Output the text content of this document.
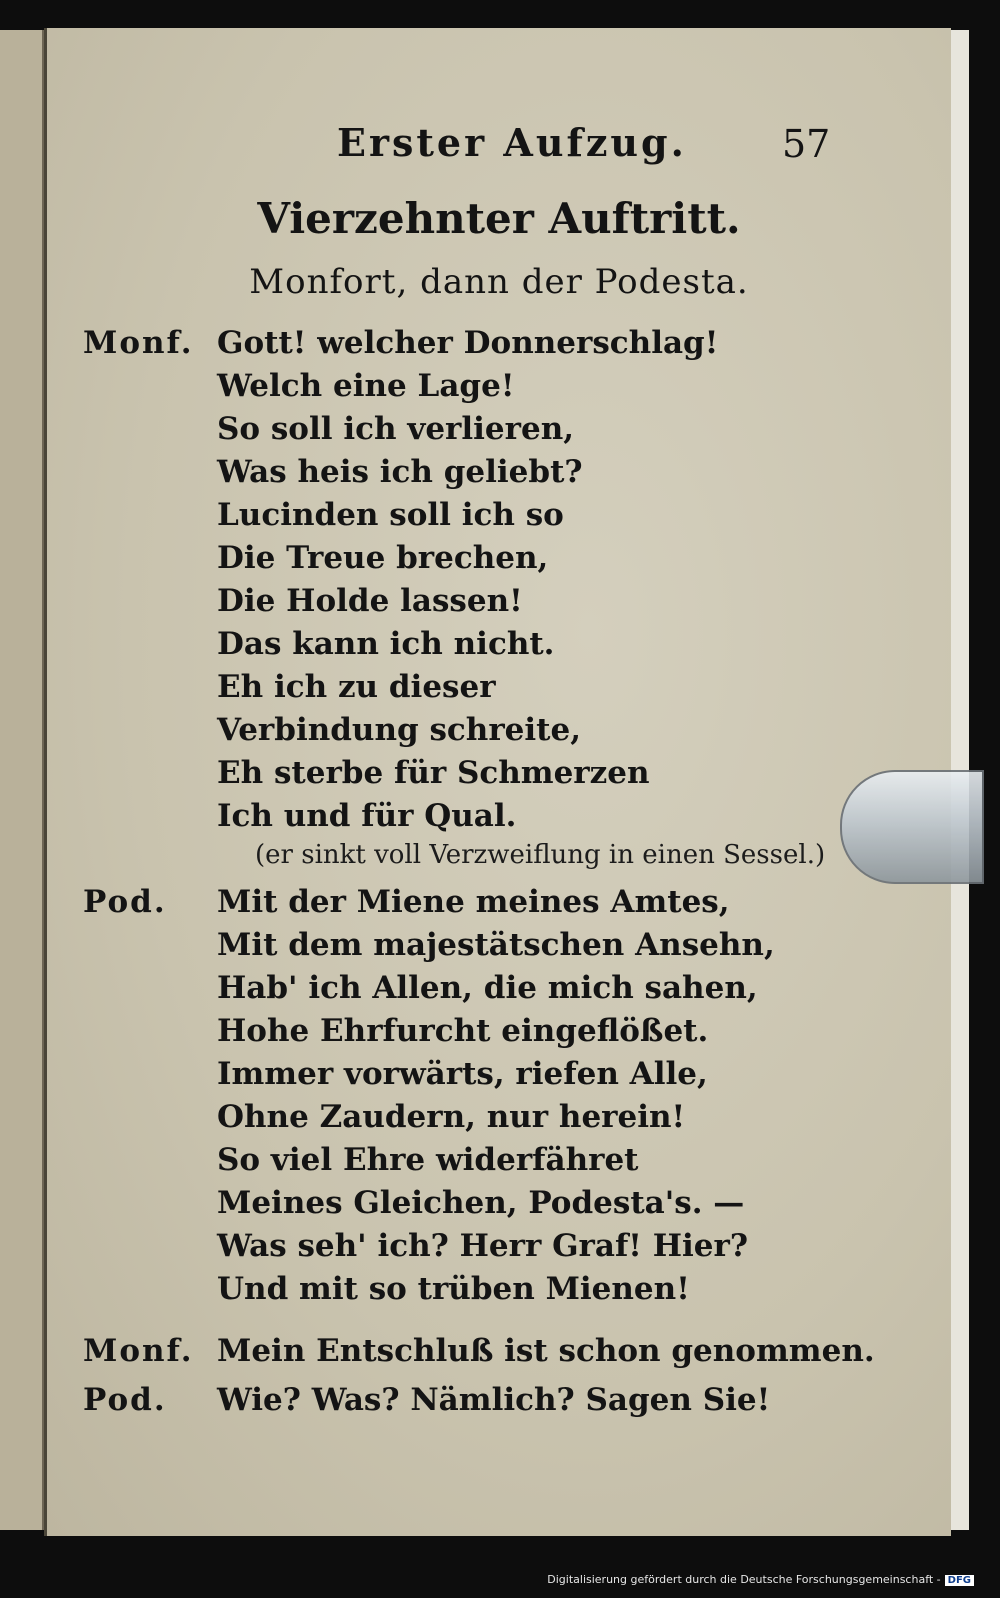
Erster Aufzug.	57
Vierzehnter Auftritt.
Monfort, dann der Podesta.
Monf. Gott! welcher Donnerschlag!
Welch eine Lage!
So soll ich verlieren,
Was heis ich geliebt?
Lucinden soll ich so
Die Treue brechen,
Die Holde lassen!
Das kann ich nicht.
Eh ich zu dieser
Verbindung schreite,
Eh sterbe für Schmerzen
Ich und für Qual.
(er sinkt voll Verzweiflung in einen Sessel.)
Pod. Mit der Miene meines Amtes,
Mit dem majestätschen Ansehn,
Hab' ich Allen, die mich sahen,
Hohe Ehrfurcht eingeflößet.
Immer vorwärts, riefen Alle,
Ohne Zaudern, nur herein!
So viel Ehre widerfähret
Meines Gleichen, Podesta's. —
Was seh' ich? Herr Graf! Hier?
Und mit so trüben Mienen!
Monf. Mein Entschluß ist schon genommen.
Pod. Wie? Was? Nämlich? Sagen Sie!
Digitalisierung gefördert durch die Deutsche Forschungsgemeinschaft - DFG
